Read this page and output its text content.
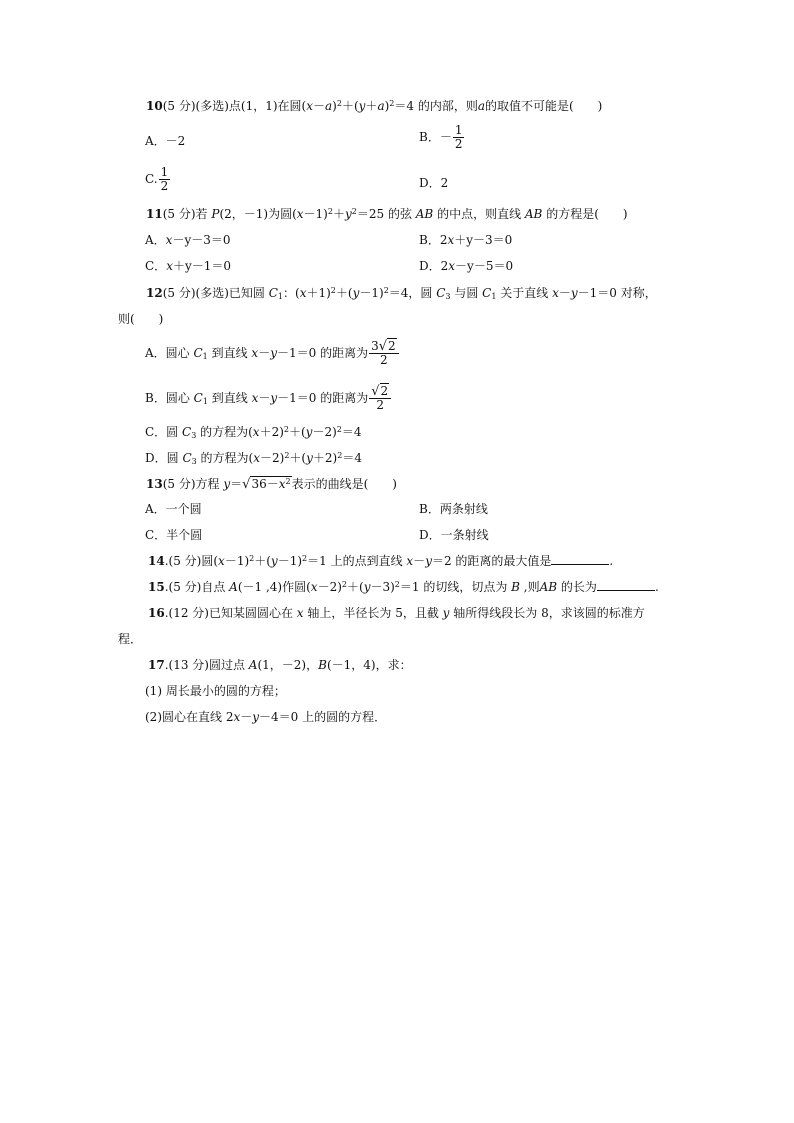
10(5 分)(多选)点(1，1)在圆$(x-a)^2+(y+a)^2=4$ 的内部，则a的取值不可能是(　　)
A．－2	B．－ $\frac{1}{2}$
C. $\frac{1}{2}$	D．2
11(5 分)若 P(2，－1)为圆$(x-1)^2+y^2=25$ 的弦 AB 的中点，则直线 AB 的方程是(　　)
A．x－y－3＝0	B．2x＋y－3＝0
C．x＋y－1＝0	D．2x－y－5＝0
12(5 分)(多选)已知圆 $C_1$：$(x+1)^2+(y-1)^2=4$，圆 $C_3$ 与圆 $C_1$ 关于直线 x－y－1＝0 对称，
则(　　)
A．圆心 $C_1$ 到直线 x－y－1＝0 的距离为 $\frac{3√2}{2}$
B．圆心 $C_1$ 到直线 x－y－1＝0 的距离为 $\frac{√2}{2}$
C．圆 $C_3$ 的方程为$(x+2)^2+(y-2)^2=4$
D．圆 $C_3$ 的方程为$(x-2)^2+(y+2)^2=4$
13(5 分)方程 $y=√36-x^2$表示的曲线是(　　)
A．一个圆	B．两条射线
C．半个圆	D．一条射线
14.(5 分)圆$(x-1)^2+(y-1)^2=1$ 上的点到直线 x－y＝2 的距离的最大值是	.
15.(5 分)自点 A(－1 ,4)作圆$(x-2)^2+(y-3)^2=1$ 的切线，切点为 B ,则AB 的长为	.
16.(12 分)已知某圆圆心在 x 轴上，半径长为 5，且截 y 轴所得线段长为 8，求该圆的标准方
程．
17.(13 分)圆过点 A(1，－2)，B(－1，4)，求：
(1) 周长最小的圆的方程；
(2)圆心在直线 2x－y－4＝0 上的圆的方程．
